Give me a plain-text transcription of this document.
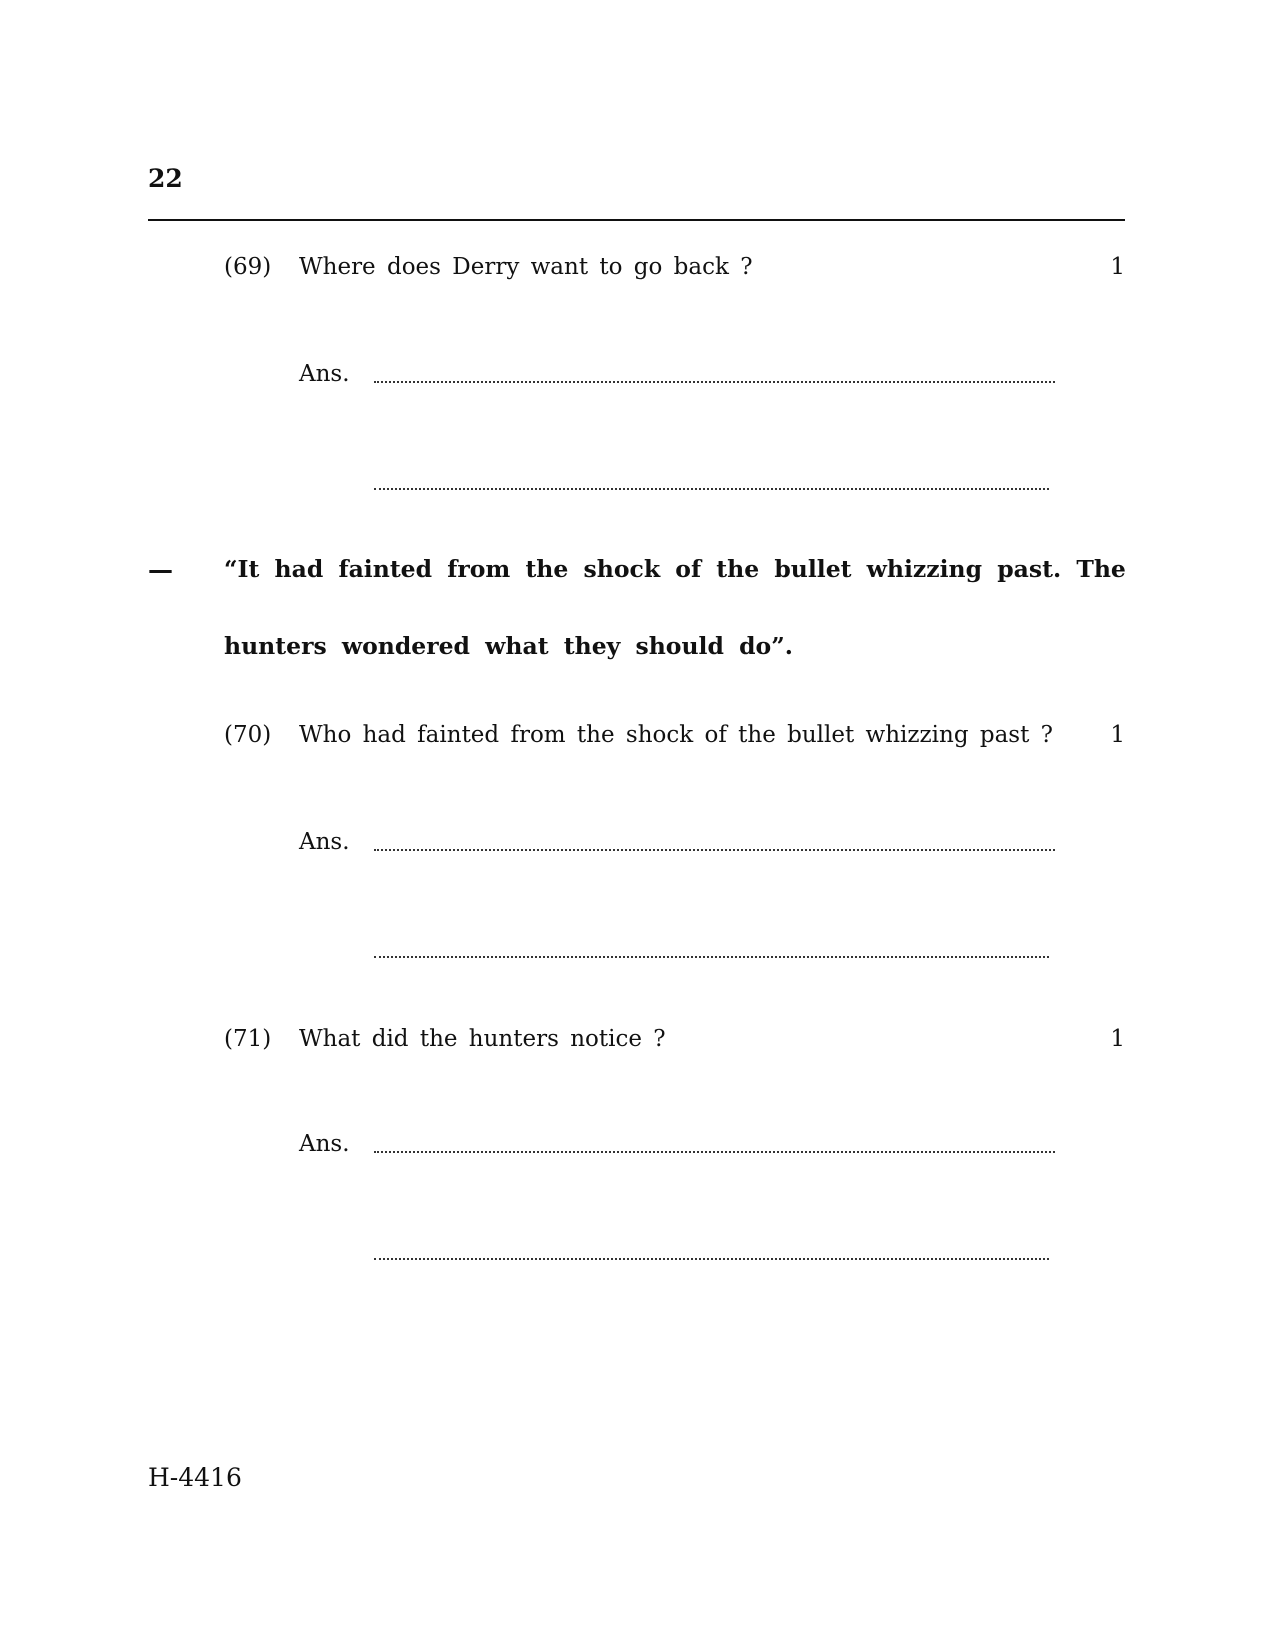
22
(69) Where does Derry want to go back ?	1
Ans.
— “It had fainted from the shock of the bullet whizzing past. The
hunters wondered what they should do”.
(70) Who had fainted from the shock of the bullet whizzing past ?	1
Ans.
(71) What did the hunters notice ?	1
Ans.
H-4416
